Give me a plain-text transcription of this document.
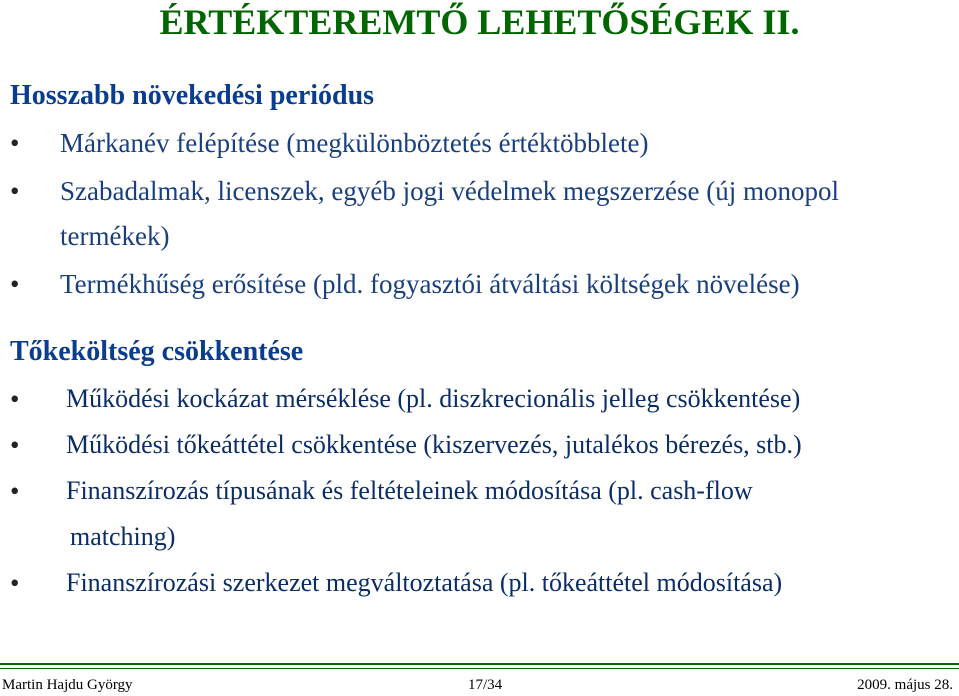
ÉRTÉKTEREMTŐ LEHETŐSÉGEK II.
Hosszabb növekedési periódus
• Márkanév felépítése (megkülönböztetés értéktöbblete)
• Szabadalmak, licenszek, egyéb jogi védelmek megszerzése (új monopol
termékek)
• Termékhűség erősítése (pld. fogyasztói átváltási költségek növelése)
Tőkeköltség csökkentése
• Működési kockázat mérséklése (pl. diszkrecionális jelleg csökkentése)
• Működési tőkeáttétel csökkentése (kiszervezés, jutalékos bérezés, stb.)
• Finanszírozás típusának és feltételeinek módosítása (pl. cash-flow
matching)
• Finanszírozási szerkezet megváltoztatása (pl. tőkeáttétel módosítása)
Martin Hajdu György	17/34	2009. május 28.
